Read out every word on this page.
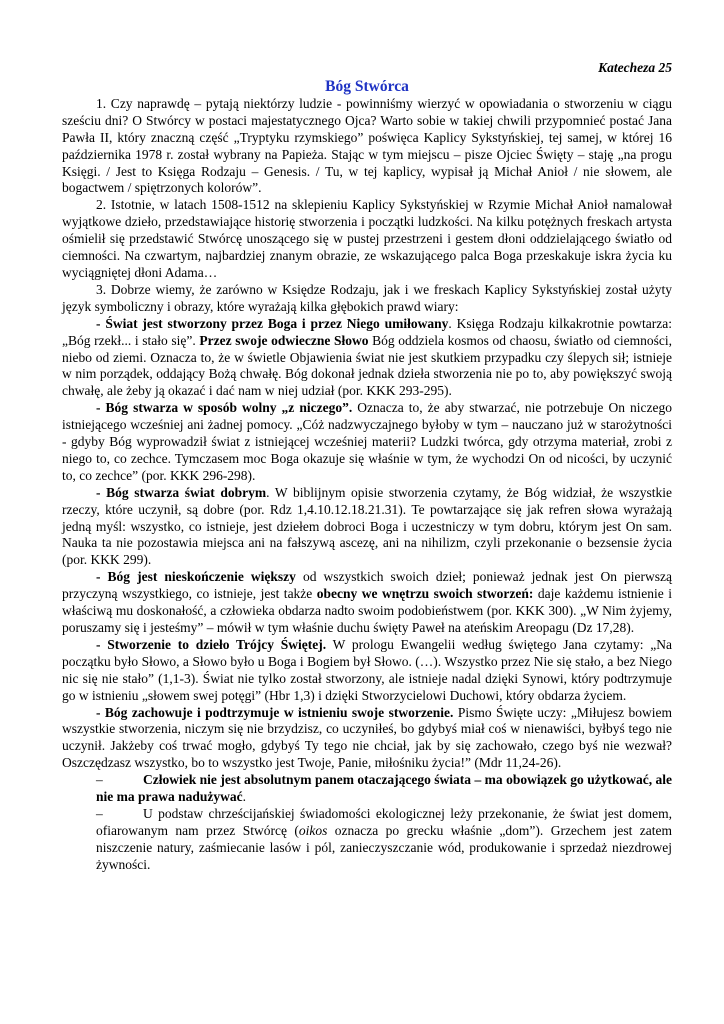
Katecheza 25

Bóg Stwórca

1. Czy naprawdę – pytają niektórzy ludzie - powinniśmy wierzyć w opowiadania o stworzeniu w ciągu sześciu dni? O Stwórcy w postaci majestatycznego Ojca? Warto sobie w takiej chwili przypomnieć postać Jana Pawła II, który znaczną część „Tryptyku rzymskiego” poświęca Kaplicy Sykstyńskiej, tej samej, w której 16 października 1978 r. został wybrany na Papieża. Stając w tym miejscu – pisze Ojciec Święty – staję „na progu Księgi. / Jest to Księga Rodzaju – Genesis. / Tu, w tej kaplicy, wypisał ją Michał Anioł / nie słowem, ale bogactwem / spiętrzonych kolorów”.

2. Istotnie, w latach 1508-1512 na sklepieniu Kaplicy Sykstyńskiej w Rzymie Michał Anioł namalował wyjątkowe dzieło, przedstawiające historię stworzenia i początki ludzkości. Na kilku potężnych freskach artysta ośmielił się przedstawić Stwórcę unoszącego się w pustej przestrzeni i gestem dłoni oddzielającego światło od ciemności. Na czwartym, najbardziej znanym obrazie, ze wskazującego palca Boga przeskakuje iskra życia ku wyciągniętej dłoni Adama…

3. Dobrze wiemy, że zarówno w Księdze Rodzaju, jak i we freskach Kaplicy Sykstyńskiej został użyty język symboliczny i obrazy, które wyrażają kilka głębokich prawd wiary:

- Świat jest stworzony przez Boga i przez Niego umiłowany. Księga Rodzaju kilkakrotnie powtarza: „Bóg rzekł... i stało się”. Przez swoje odwieczne Słowo Bóg oddziela kosmos od chaosu, światło od ciemności, niebo od ziemi. Oznacza to, że w świetle Objawienia świat nie jest skutkiem przypadku czy ślepych sił; istnieje w nim porządek, oddający Bożą chwałę. Bóg dokonał jednak dzieła stworzenia nie po to, aby powiększyć swoją chwałę, ale żeby ją okazać i dać nam w niej udział (por. KKK 293-295).

- Bóg stwarza w sposób wolny „z niczego”. Oznacza to, że aby stwarzać, nie potrzebuje On niczego istniejącego wcześniej ani żadnej pomocy. „Cóż nadzwyczajnego byłoby w tym – nauczano już w starożytności - gdyby Bóg wyprowadził świat z istniejącej wcześniej materii? Ludzki twórca, gdy otrzyma materiał, zrobi z niego to, co zechce. Tymczasem moc Boga okazuje się właśnie w tym, że wychodzi On od nicości, by uczynić to, co zechce” (por. KKK 296-298).

- Bóg stwarza świat dobrym. W biblijnym opisie stworzenia czytamy, że Bóg widział, że wszystkie rzeczy, które uczynił, są dobre (por. Rdz 1,4.10.12.18.21.31). Te powtarzające się jak refren słowa wyrażają jedną myśl: wszystko, co istnieje, jest dziełem dobroci Boga i uczestniczy w tym dobru, którym jest On sam. Nauka ta nie pozostawia miejsca ani na fałszywą ascezę, ani na nihilizm, czyli przekonanie o bezsensie życia (por. KKK 299).

- Bóg jest nieskończenie większy od wszystkich swoich dzieł; ponieważ jednak jest On pierwszą przyczyną wszystkiego, co istnieje, jest także obecny we wnętrzu swoich stworzeń: daje każdemu istnienie i właściwą mu doskonałość, a człowieka obdarza nadto swoim podobieństwem (por. KKK 300). „W Nim żyjemy, poruszamy się i jesteśmy” – mówił w tym właśnie duchu święty Paweł na ateńskim Areopagu (Dz 17,28).

- Stworzenie to dzieło Trójcy Świętej. W prologu Ewangelii według świętego Jana czytamy: „Na początku było Słowo, a Słowo było u Boga i Bogiem był Słowo. (…). Wszystko przez Nie się stało, a bez Niego nic się nie stało” (1,1-3). Świat nie tylko został stworzony, ale istnieje nadal dzięki Synowi, który podtrzymuje go w istnieniu „słowem swej potęgi” (Hbr 1,3) i dzięki Stworzycielowi Duchowi, który obdarza życiem.

- Bóg zachowuje i podtrzymuje w istnieniu swoje stworzenie. Pismo Święte uczy: „Miłujesz bowiem wszystkie stworzenia, niczym się nie brzydzisz, co uczyniłeś, bo gdybyś miał coś w nienawiści, byłbyś tego nie uczynił. Jakżeby coś trwać mogło, gdybyś Ty tego nie chciał, jak by się zachowało, czego byś nie wezwał? Oszczędzasz wszystko, bo to wszystko jest Twoje, Panie, miłośniku życia!” (Mdr 11,24-26).

–	Człowiek nie jest absolutnym panem otaczającego świata – ma obowiązek go użytkować, ale nie ma prawa nadużywać.

–	U podstaw chrześcijańskiej świadomości ekologicznej leży przekonanie, że świat jest domem, ofiarowanym nam przez Stwórcę (oikos oznacza po grecku właśnie „dom”). Grzechem jest zatem niszczenie natury, zaśmiecanie lasów i pól, zanieczyszczanie wód, produkowanie i sprzedaż niezdrowej żywności.
